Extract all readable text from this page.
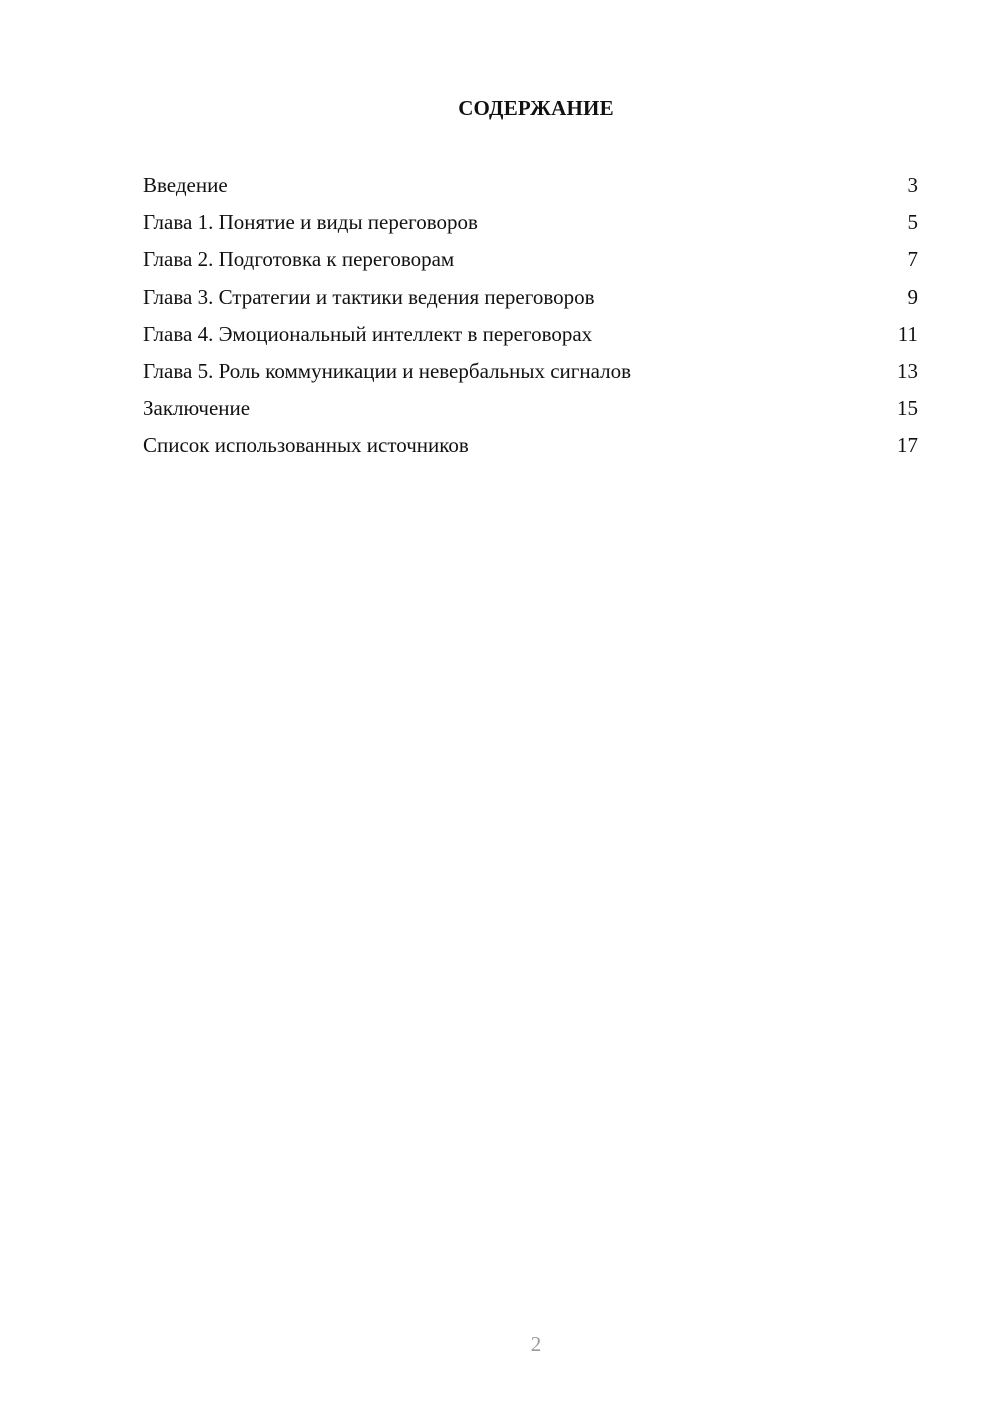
СОДЕРЖАНИЕ
Введение	3
Глава 1. Понятие и виды переговоров	5
Глава 2. Подготовка к переговорам	7
Глава 3. Стратегии и тактики ведения переговоров	9
Глава 4. Эмоциональный интеллект в переговорах	11
Глава 5. Роль коммуникации и невербальных сигналов	13
Заключение	15
Список использованных источников	17
2
